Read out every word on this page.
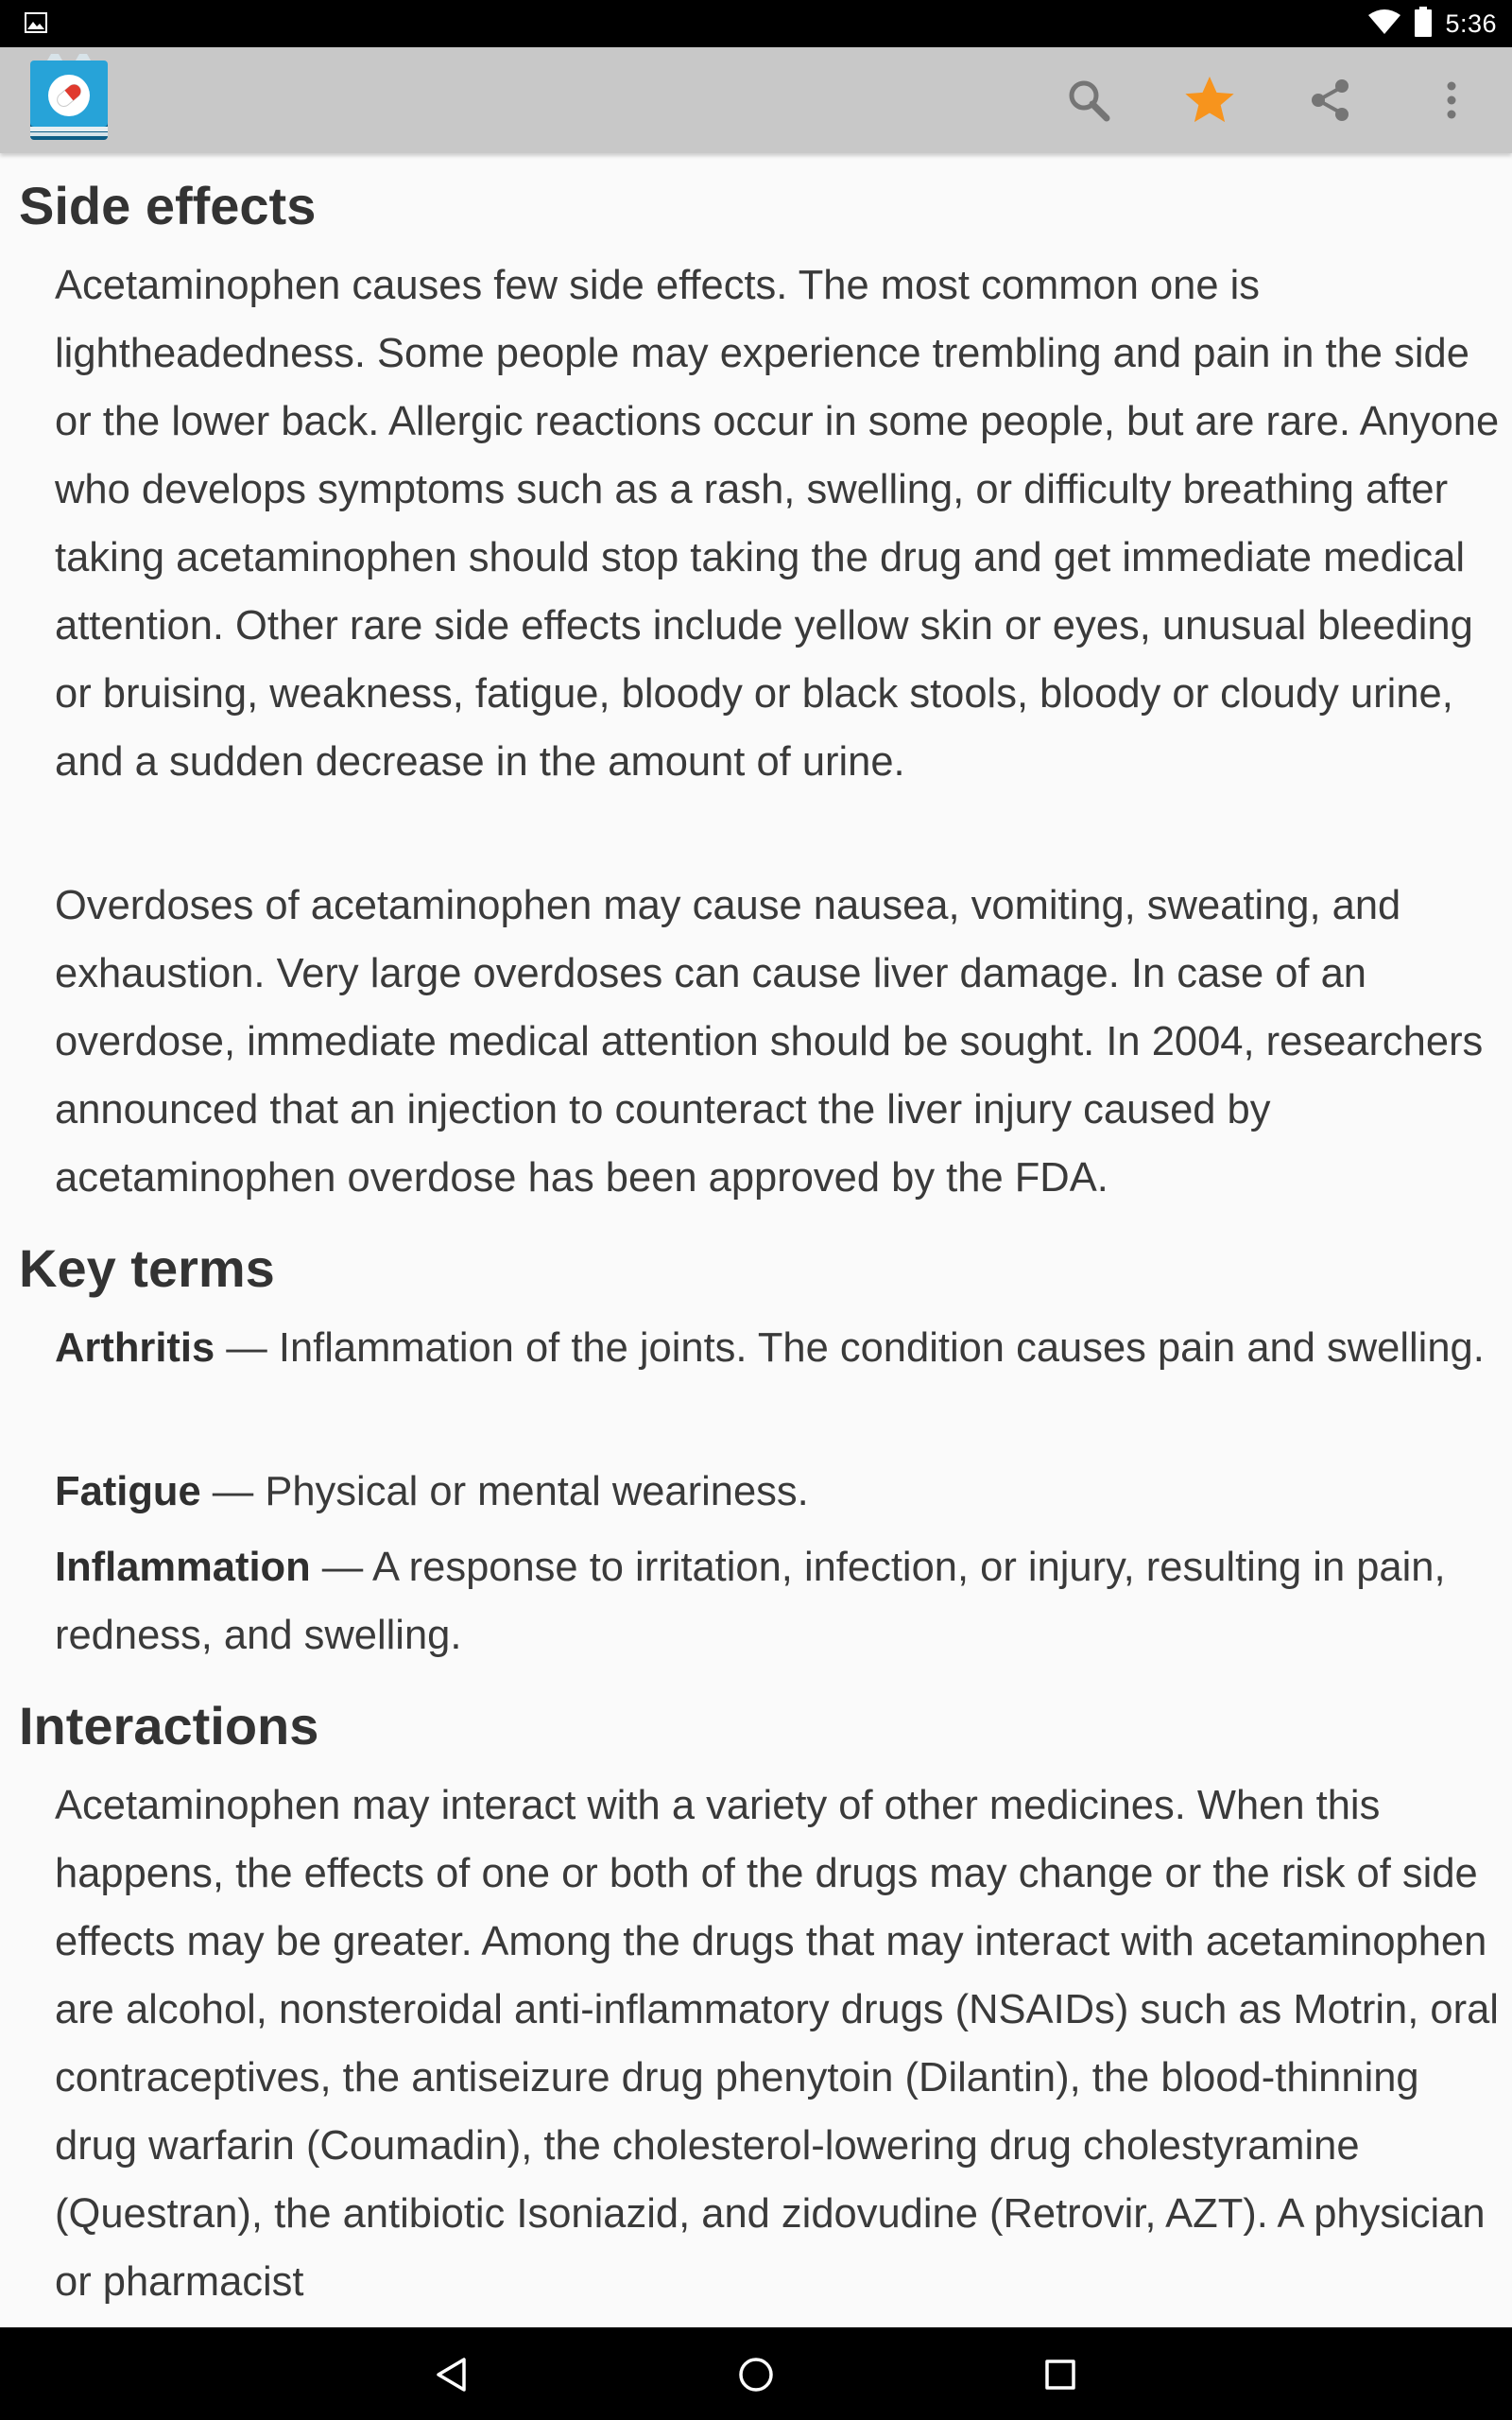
5:36
Side effects

Acetaminophen causes few side effects. The most common one is lightheadedness. Some people may experience trembling and pain in the side or the lower back. Allergic reactions occur in some people, but are rare. Anyone who develops symptoms such as a rash, swelling, or difficulty breathing after taking acetaminophen should stop taking the drug and get immediate medical attention. Other rare side effects include yellow skin or eyes, unusual bleeding or bruising, weakness, fatigue, bloody or black stools, bloody or cloudy urine, and a sudden decrease in the amount of urine.

Overdoses of acetaminophen may cause nausea, vomiting, sweating, and exhaustion. Very large overdoses can cause liver damage. In case of an overdose, immediate medical attention should be sought. In 2004, researchers announced that an injection to counteract the liver injury caused by acetaminophen overdose has been approved by the FDA.

Key terms

Arthritis — Inflammation of the joints. The condition causes pain and swelling.

Fatigue — Physical or mental weariness.

Inflammation — A response to irritation, infection, or injury, resulting in pain, redness, and swelling.

Interactions

Acetaminophen may interact with a variety of other medicines. When this happens, the effects of one or both of the drugs may change or the risk of side effects may be greater. Among the drugs that may interact with acetaminophen are alcohol, nonsteroidal anti-inflammatory drugs (NSAIDs) such as Motrin, oral contraceptives, the antiseizure drug phenytoin (Dilantin), the blood-thinning drug warfarin (Coumadin), the cholesterol-lowering drug cholestyramine (Questran), the antibiotic Isoniazid, and zidovudine (Retrovir, AZT). A physician or pharmacist
